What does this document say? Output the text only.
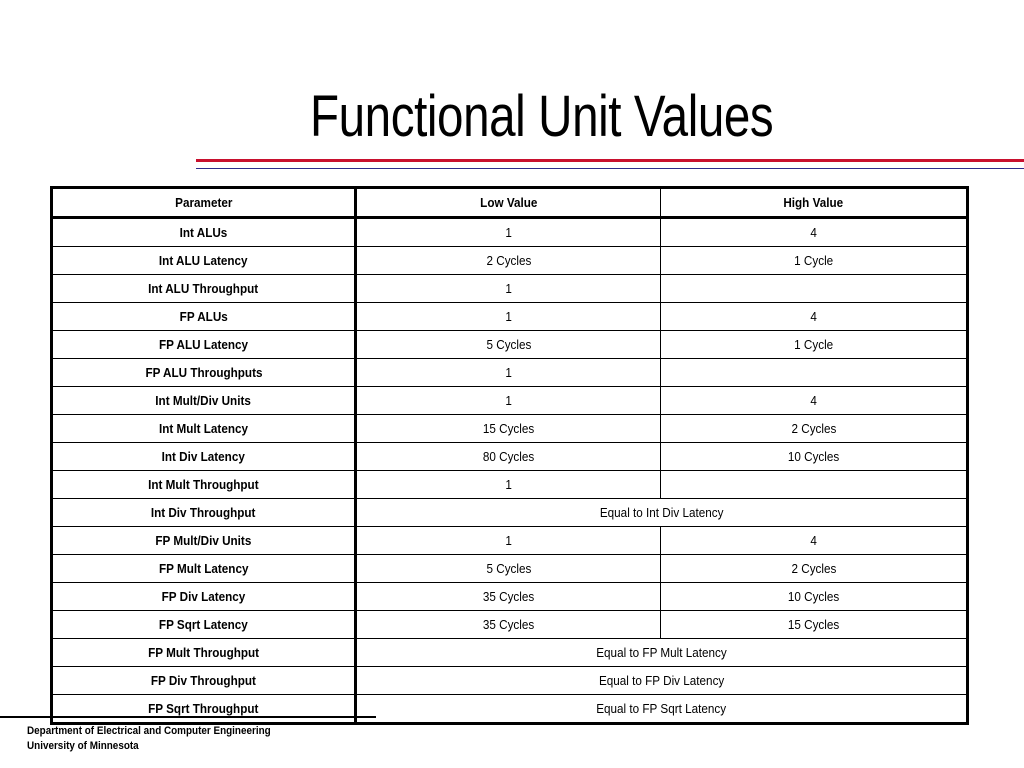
Functional Unit Values
Parameter	Low Value	High Value
Int ALUs	1	4
Int ALU Latency	2 Cycles	1 Cycle
Int ALU Throughput	1	
FP ALUs	1	4
FP ALU Latency	5 Cycles	1 Cycle
FP ALU Throughputs	1	
Int Mult/Div Units	1	4
Int Mult Latency	15 Cycles	2 Cycles
Int Div Latency	80 Cycles	10 Cycles
Int Mult Throughput	1	
Int Div Throughput	Equal to Int Div Latency	
FP Mult/Div Units	1	4
FP Mult Latency	5 Cycles	2 Cycles
FP Div Latency	35 Cycles	10 Cycles
FP Sqrt Latency	35 Cycles	15 Cycles
FP Mult Throughput	Equal to FP Mult Latency	
FP Div Throughput	Equal to FP Div Latency	
FP Sqrt Throughput	Equal to FP Sqrt Latency	
Department of Electrical and Computer Engineering
University of Minnesota
